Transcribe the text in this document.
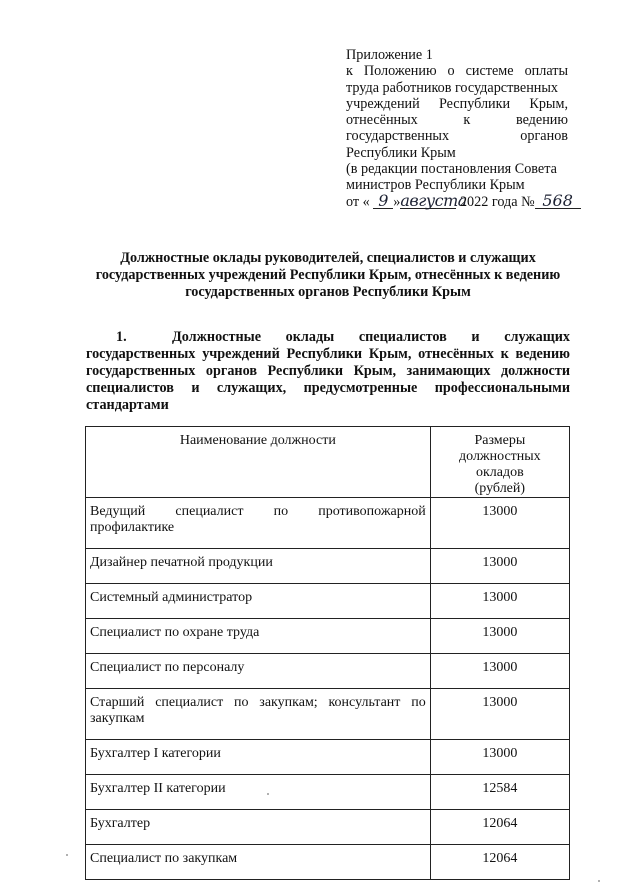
Приложение 1
к Положению о системе оплаты
труда работников государственных
учреждений Республики Крым,
отнесённых к ведению
государственных органов
Республики Крым
(в редакции постановления Совета
министров Республики Крым
от « 9 »августа 2022 года № 568
Должностные оклады руководителей, специалистов и служащих государственных учреждений Республики Крым, отнесённых к ведению государственных органов Республики Крым
1.	Должностные оклады специалистов и служащих государственных учреждений Республики Крым, отнесённых к ведению государственных органов Республики Крым, занимающих должности специалистов и служащих, предусмотренные профессиональными стандартами
Наименование должности	Размеры должностных окладов (рублей)

Ведущий специалист по противопожарной профилактике	13000
Дизайнер печатной продукции	13000
Системный администратор	13000
Специалист по охране труда	13000
Специалист по персоналу	13000
Старший специалист по закупкам; консультант по закупкам	13000
Бухгалтер I категории	13000
Бухгалтер II категории	12584
Бухгалтер	12064
Специалист по закупкам	12064
